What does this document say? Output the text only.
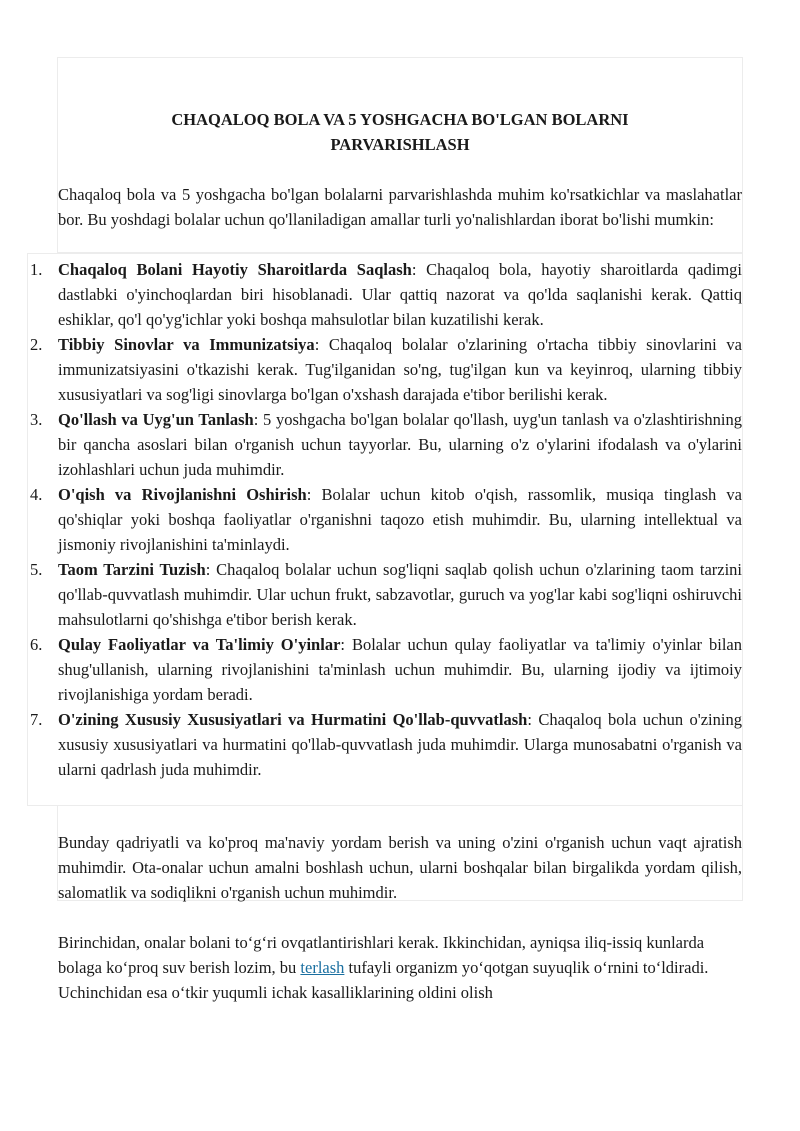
CHAQALOQ BOLA VA 5 YOSHGACHA BO'LGAN BOLARNI PARVARISHLASH

Chaqaloq bola va 5 yoshgacha bo'lgan bolalarni parvarishlashda muhim ko'rsatkichlar va maslahatlar bor. Bu yoshdagi bolalar uchun qo'llaniladigan amallar turli yo'nalishlardan iborat bo'lishi mumkin:

1. Chaqaloq Bolani Hayotiy Sharoitlarda Saqlash: Chaqaloq bola, hayotiy sharoitlarda qadimgi dastlabki o'yinchoqlardan biri hisoblanadi. Ular qattiq nazorat va qo'lda saqlanishi kerak. Qattiq eshiklar, qo'l qo'yg'ichlar yoki boshqa mahsulotlar bilan kuzatilishi kerak.
2. Tibbiy Sinovlar va Immunizatsiya: Chaqaloq bolalar o'zlarining o'rtacha tibbiy sinovlarini va immunizatsiyasini o'tkazishi kerak. Tug'ilganidan so'ng, tug'ilgan kun va keyinroq, ularning tibbiy xususiyatlari va sog'ligi sinovlarga bo'lgan o'xshash darajada e'tibor berilishi kerak.
3. Qo'llash va Uyg'un Tanlash: 5 yoshgacha bo'lgan bolalar qo'llash, uyg'un tanlash va o'zlashtirishning bir qancha asoslari bilan o'rganish uchun tayyorlar. Bu, ularning o'z o'ylarini ifodalash va o'ylarini izohlashlari uchun juda muhimdir.
4. O'qish va Rivojlanishni Oshirish: Bolalar uchun kitob o'qish, rassomlik, musiqa tinglash va qo'shiqlar yoki boshqa faoliyatlar o'rganishni taqozo etish muhimdir. Bu, ularning intellektual va jismoniy rivojlanishini ta'minlaydi.
5. Taom Tarzini Tuzish: Chaqaloq bolalar uchun sog'liqni saqlab qolish uchun o'zlarining taom tarzini qo'llab-quvvatlash muhimdir. Ular uchun frukt, sabzavotlar, guruch va yog'lar kabi sog'liqni oshiruvchi mahsulotlarni qo'shishga e'tibor berish kerak.
6. Qulay Faoliyatlar va Ta'limiy O'yinlar: Bolalar uchun qulay faoliyatlar va ta'limiy o'yinlar bilan shug'ullanish, ularning rivojlanishini ta'minlash uchun muhimdir. Bu, ularning ijodiy va ijtimoiy rivojlanishiga yordam beradi.
7. O'zining Xususiy Xususiyatlari va Hurmatini Qo'llab-quvvatlash: Chaqaloq bola uchun o'zining xususiy xususiyatlari va hurmatini qo'llab-quvvatlash juda muhimdir. Ularga munosabatni o'rganish va ularni qadrlash juda muhimdir.

Bunday qadriyatli va ko'proq ma'naviy yordam berish va uning o'zini o'rganish uchun vaqt ajratish muhimdir. Ota-onalar uchun amalni boshlash uchun, ularni boshqalar bilan birgalikda yordam qilish, salomatlik va sodiqlikni o'rganish uchun muhimdir.

Birinchidan, onalar bolani to‘g‘ri ovqatlantirishlari kerak. Ikkinchidan, ayniqsa iliq-issiq kunlarda bolaga ko‘proq suv berish lozim, bu terlash tufayli organizm yo‘qotgan suyuqlik o‘rnini to‘ldiradi. Uchinchidan esa o‘tkir yuqumli ichak kasalliklarining oldini olish
